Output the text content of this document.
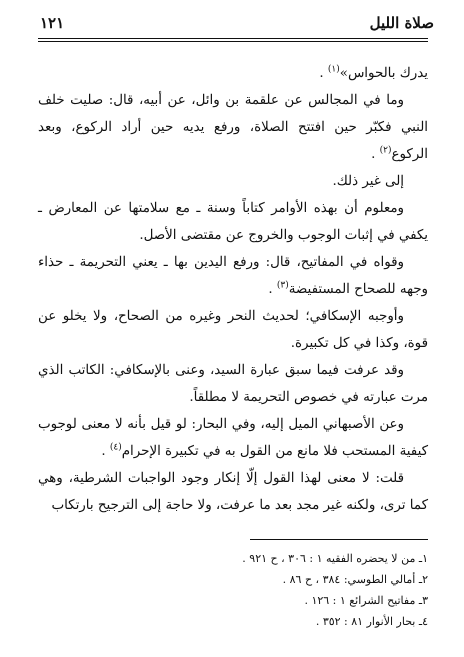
صلاة الليل
١٢١

يدرك بالحواس»$^{(١)}$ .

وما في المجالس عن علقمة بن وائل، عن أبيه، قال: صليت خلف النبي فكبّر حين افتتح الصلاة، ورفع يديه حين أراد الركوع، وبعد الركوع$^{(٢)}$ .

إلى غير ذلك.

ومعلوم أن بهذه الأوامر كتاباً وسنة ـ مع سلامتها عن المعارض ـ يكفي في إثبات الوجوب والخروج عن مقتضى الأصل.

وقواه في المفاتيح، قال: ورفع اليدين بها ـ يعني التحريمة ـ حذاء وجهه للصحاح المستفيضة$^{(٣)}$ .

وأوجبه الإسكافي؛ لحديث النحر وغيره من الصحاح، ولا يخلو عن قوة، وكذا في كل تكبيرة.

وقد عرفت فيما سبق عبارة السيد، وعنى بالإسكافي: الكاتب الذي مرت عبارته في خصوص التحريمة لا مطلقاً.

وعن الأصبهاني الميل إليه، وفي البحار: لو قيل بأنه لا معنى لوجوب كيفية المستحب فلا مانع من القول به في تكبيرة الإحرام$^{(٤)}$ .

قلت: لا معنى لهذا القول إلّا إنكار وجود الواجبات الشرطية، وهي كما ترى، ولكنه غير مجد بعد ما عرفت، ولا حاجة إلى الترجيح بارتكاب

١ـ من لا يحضره الفقيه ١ : ٣٠٦ ، ح ٩٢١ .

٢ـ أمالي الطوسي: ٣٨٤ ، ح ٨٦ .

٣ـ مفاتيح الشرائع ١ : ١٢٦ .

٤ـ بحار الأنوار ٨١ : ٣٥٢ .
